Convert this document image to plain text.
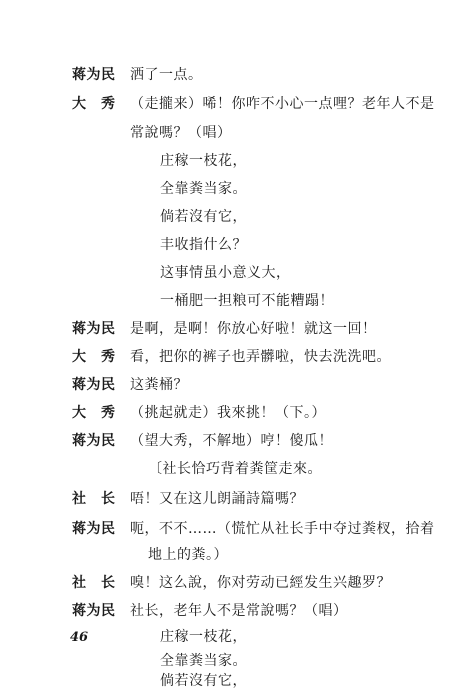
蒋为民 洒了一点。
大　秀 （走攏来）唏！你咋不小心一点哩？老年人不是
常說嗎？（唱）
庄稼一枝花，
全靠粪当家。
倘若沒有它，
丰收指什么？
这事情虽小意义大，
一桶肥一担粮可不能糟蹋！
蒋为民 是啊，是啊！你放心好啦！就这一回！
大　秀 看，把你的裤子也弄髒啦，快去洗洗吧。
蒋为民 这粪桶？
大　秀 （挑起就走）我來挑！（下。）
蒋为民 （望大秀，不解地）哼！傻瓜！
〔社长恰巧背着粪筐走來。
社　长 唔！又在这儿朗誦詩篇嗎？
蒋为民 呃，不不……（慌忙从社长手中夺过粪杈，拾着
地上的粪。）
社　长 嗅！这么說，你对劳动已經发生兴趣罗？
蒋为民 社长，老年人不是常說嗎？（唱）
庄稼一枝花，
全靠粪当家。
倘若沒有它，
46
